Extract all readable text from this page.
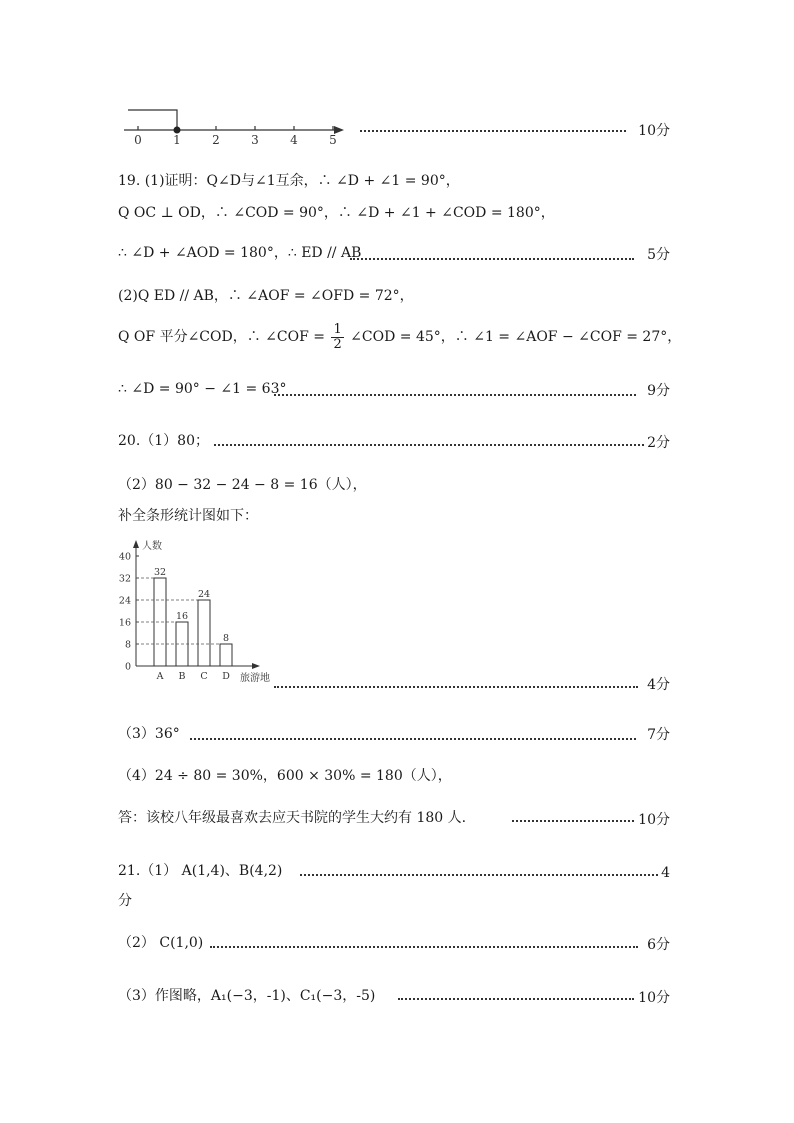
0	1	2	3	4	5
10分
19. (1)证明：Q∠D与∠1互余，∴ ∠D + ∠1 = 90°，
Q OC ⊥ OD，∴ ∠COD = 90°，∴ ∠D + ∠1 + ∠COD = 180°，
∴ ∠D + ∠AOD = 180°，∴ ED // AB	5分
(2)Q ED // AB，∴ ∠AOF = ∠OFD = 72°，
Q OF 平分∠COD，∴ ∠COF = $\frac{1}{2}$ ∠COD = 45°，∴ ∠1 = ∠AOF − ∠COF = 27°，
∴ ∠D = 90° − ∠1 = 63°	9分
20.（1）80；	2分
（2）80 − 32 − 24 − 8 = 16（人），
补全条形统计图如下：
人数
旅游地
0
8
16
24
32
40
32
A
16
B
24
C
8
D
4分
（3）36°	7分
（4）24 ÷ 80 = 30%，600 × 30% = 180（人），
答：该校八年级最喜欢去应天书院的学生大约有 180 人.	10分
21.（1） A(1,4)、B(4,2)	4
分
（2） C(1,0)	6分
（3）作图略，A₁(−3，-1)、C₁(−3，-5)	10分
